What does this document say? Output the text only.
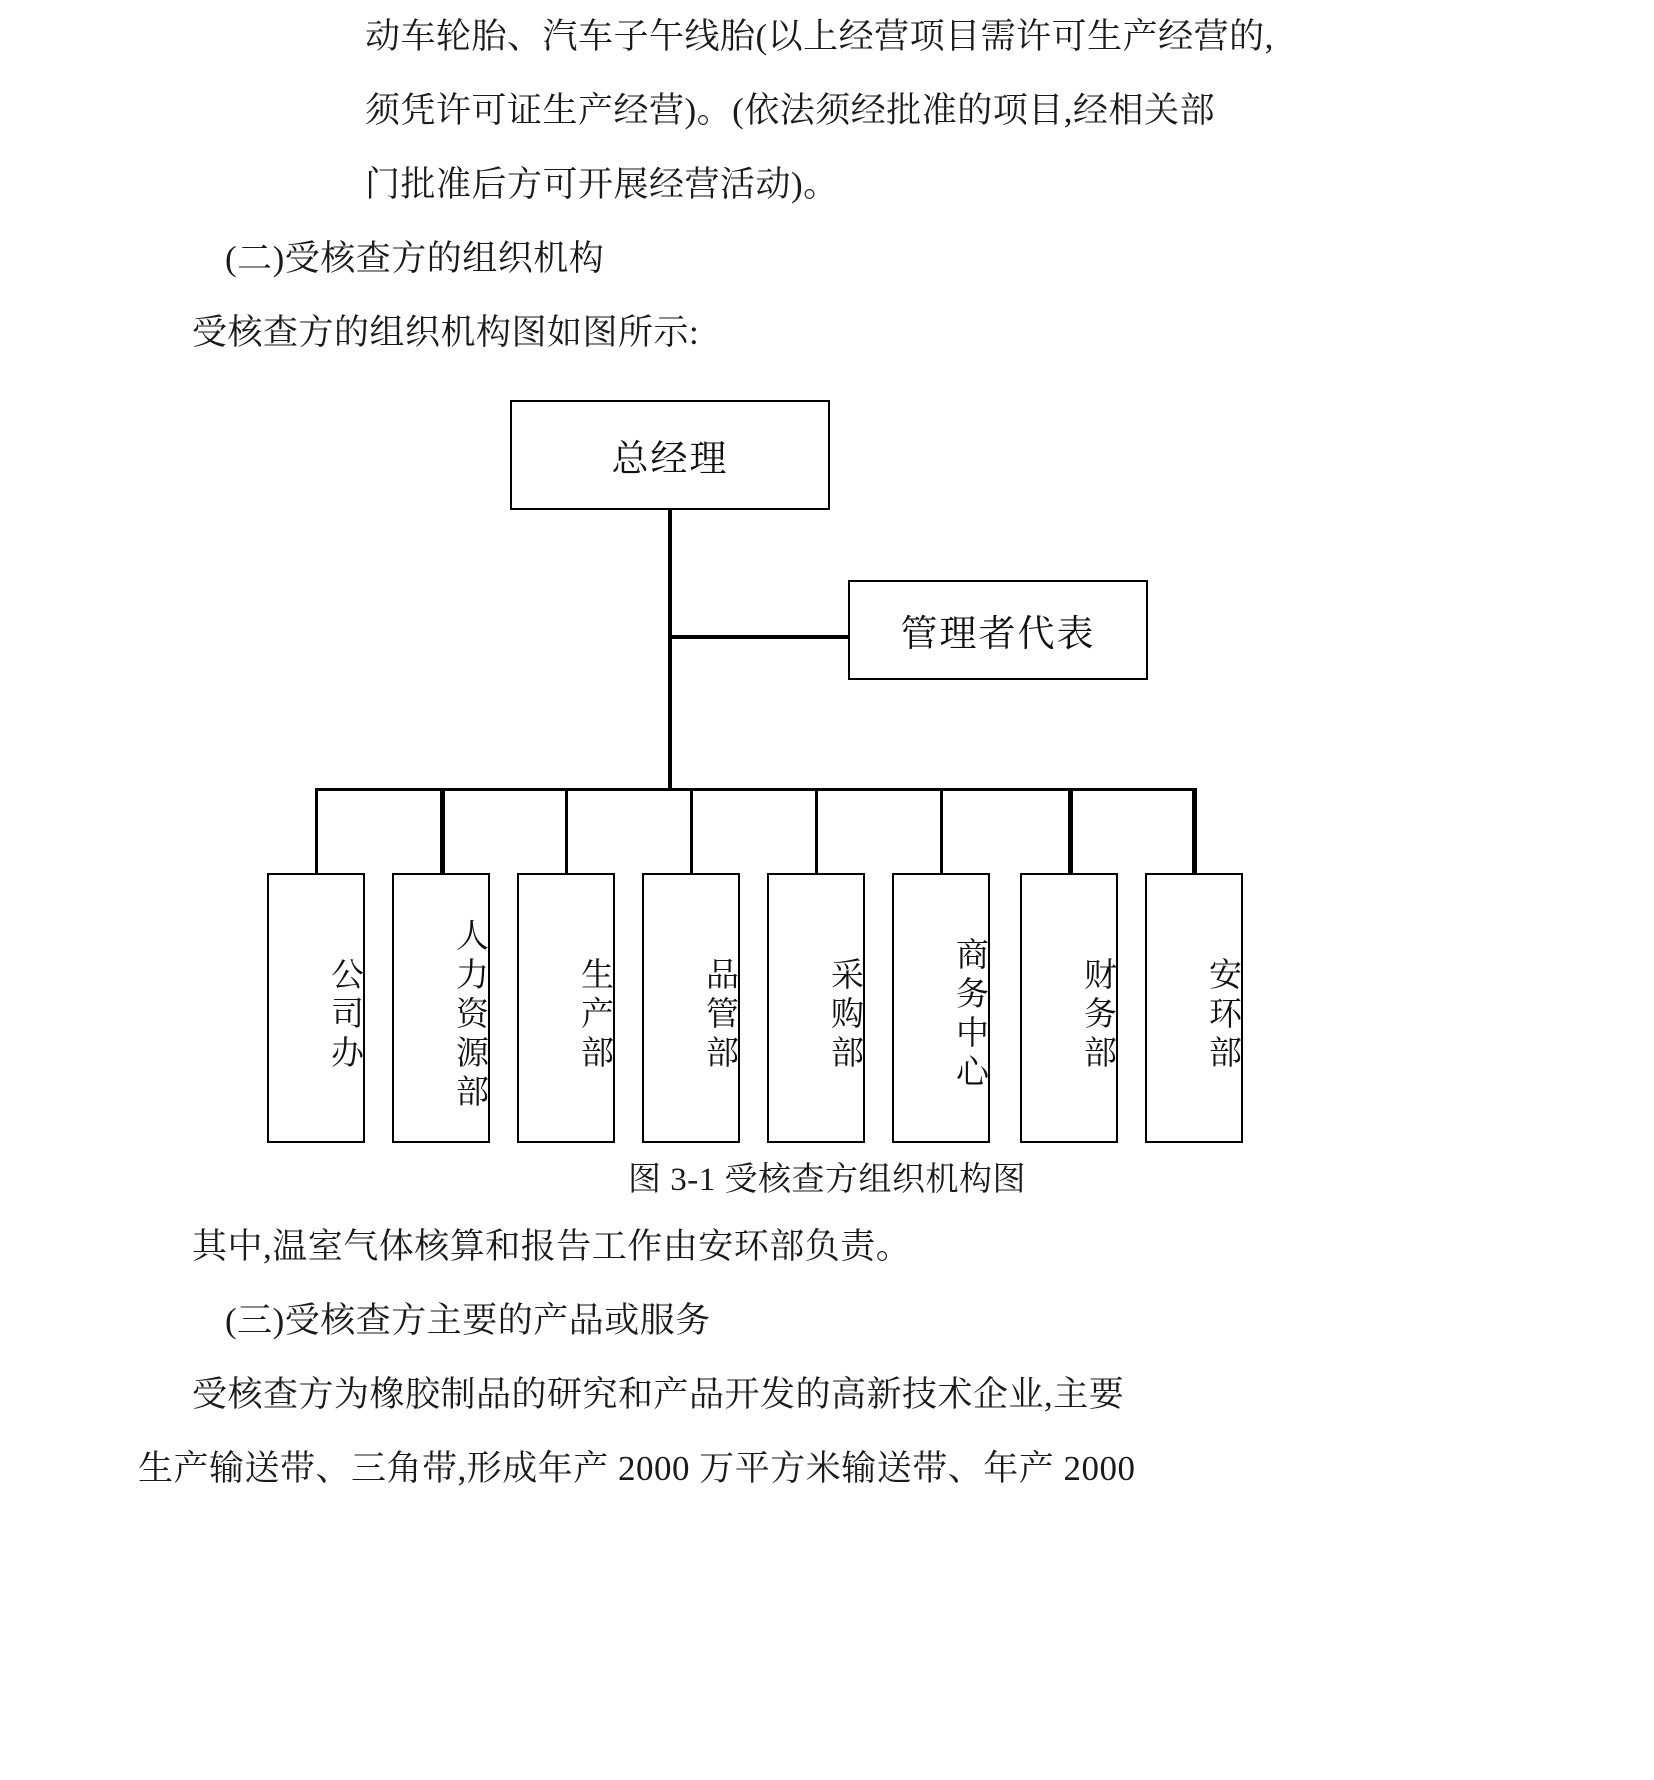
动车轮胎、汽车子午线胎(以上经营项目需许可生产经营的,
须凭许可证生产经营)。(依法须经批准的项目,经相关部
门批准后方可开展经营活动)。
(二)受核查方的组织机构
受核查方的组织机构图如图所示:
总经理
管理者代表
公司办	人力资源部	生产部	品管部	采购部	商务中心	财务部	安环部
图 3-1 受核查方组织机构图
其中,温室气体核算和报告工作由安环部负责。
(三)受核查方主要的产品或服务
受核查方为橡胶制品的研究和产品开发的高新技术企业,主要
生产输送带、三角带,形成年产 2000 万平方米输送带、年产 2000
